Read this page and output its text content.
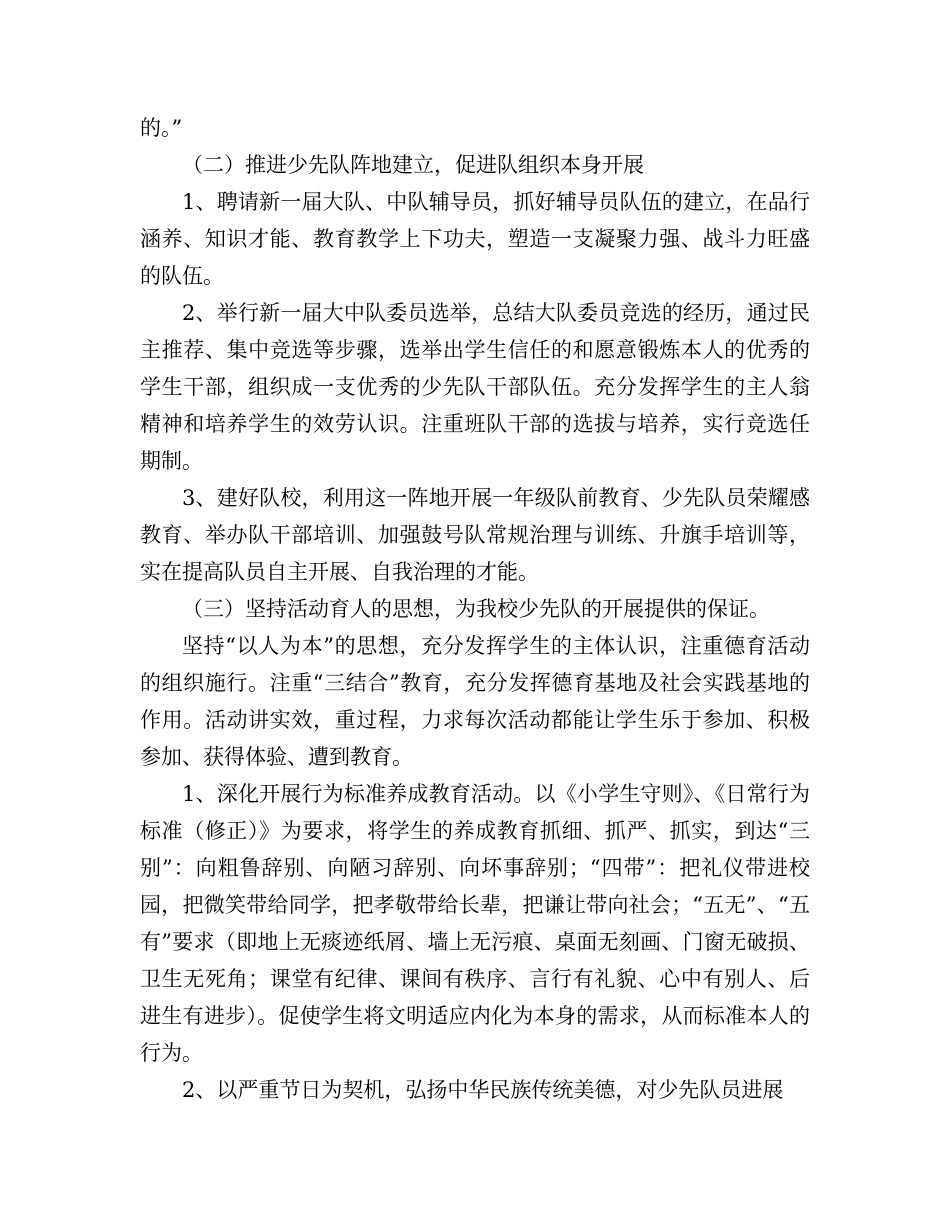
的。”

（二）推进少先队阵地建立，促进队组织本身开展

1、聘请新一届大队、中队辅导员，抓好辅导员队伍的建立，在品行涵养、知识才能、教育教学上下功夫，塑造一支凝聚力强、战斗力旺盛的队伍。

2、举行新一届大中队委员选举，总结大队委员竞选的经历，通过民主推荐、集中竞选等步骤，选举出学生信任的和愿意锻炼本人的优秀的学生干部，组织成一支优秀的少先队干部队伍。充分发挥学生的主人翁精神和培养学生的效劳认识。注重班队干部的选拔与培养，实行竞选任期制。

3、建好队校，利用这一阵地开展一年级队前教育、少先队员荣耀感教育、举办队干部培训、加强鼓号队常规治理与训练、升旗手培训等，实在提高队员自主开展、自我治理的才能。

（三）坚持活动育人的思想，为我校少先队的开展提供的保证。

坚持“以人为本”的思想，充分发挥学生的主体认识，注重德育活动的组织施行。注重“三结合”教育，充分发挥德育基地及社会实践基地的作用。活动讲实效，重过程，力求每次活动都能让学生乐于参加、积极参加、获得体验、遭到教育。

1、深化开展行为标准养成教育活动。以《小学生守则》、《日常行为标准（修正）》为要求，将学生的养成教育抓细、抓严、抓实，到达“三别”：向粗鲁辞别、向陋习辞别、向坏事辞别；“四带”：把礼仪带进校园，把微笑带给同学，把孝敬带给长辈，把谦让带向社会；“五无”、“五有”要求（即地上无痰迹纸屑、墙上无污痕、桌面无刻画、门窗无破损、卫生无死角；课堂有纪律、课间有秩序、言行有礼貌、心中有别人、后进生有进步）。促使学生将文明适应内化为本身的需求，从而标准本人的行为。

2、以严重节日为契机，弘扬中华民族传统美德，对少先队员进展
